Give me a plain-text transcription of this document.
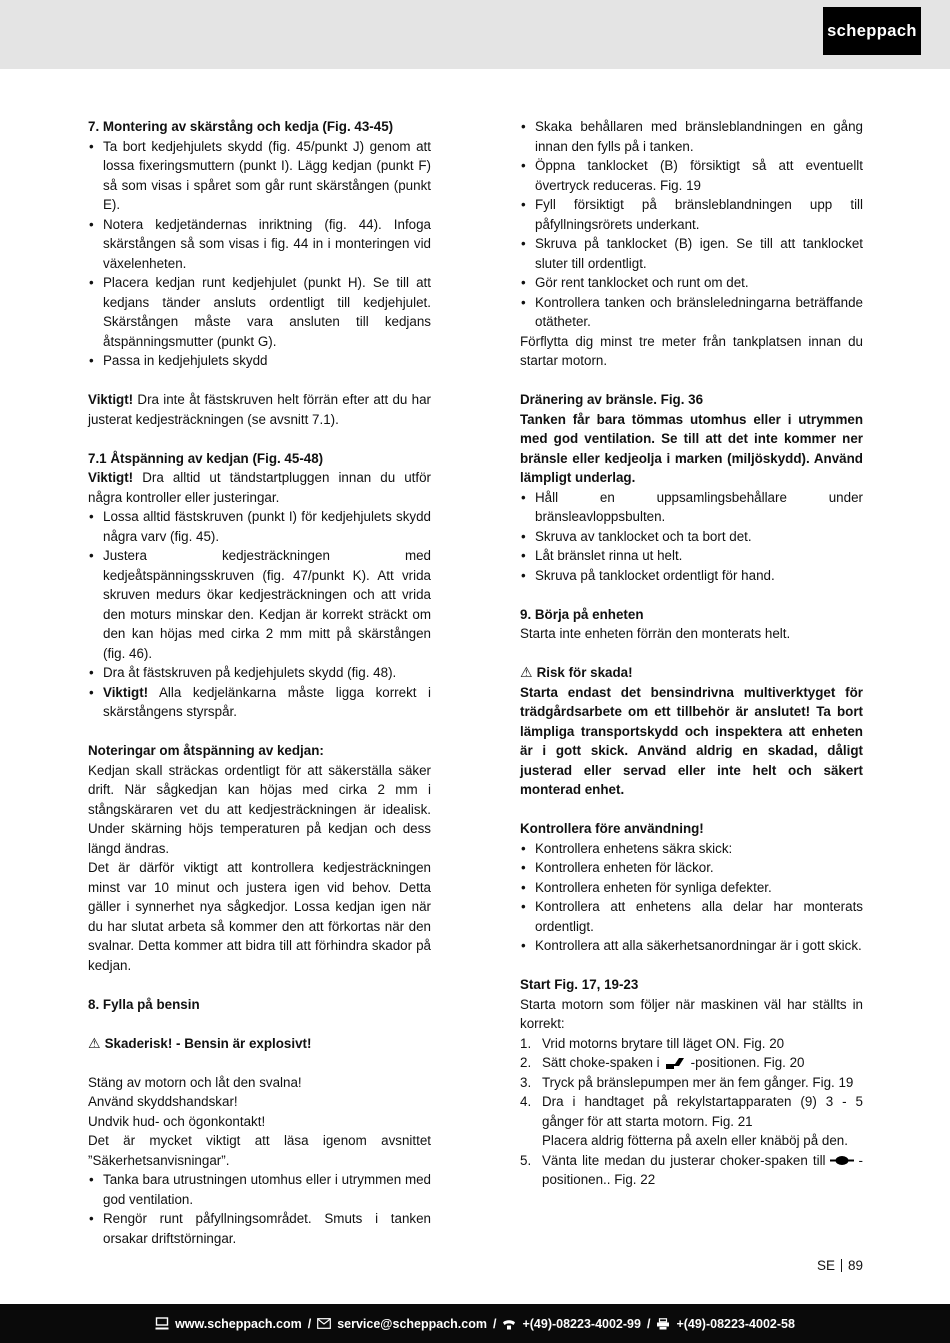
scheppach

7. Montering av skärstång och kedja (Fig. 43-45)

• Ta bort kedjehjulets skydd (fig. 45/punkt J) genom att lossa fixeringsmuttern (punkt I). Lägg kedjan (punkt F) så som visas i spåret som går runt skärstången (punkt E).
• Notera kedjetändernas inriktning (fig. 44). Infoga skärstången så som visas i fig. 44 in i monteringen vid växelenheten.
• Placera kedjan runt kedjehjulet (punkt H). Se till att kedjans tänder ansluts ordentligt till kedjehjulet. Skärstången måste vara ansluten till kedjans åtspänningsmutter (punkt G).
• Passa in kedjehjulets skydd

Viktigt! Dra inte åt fästskruven helt förrän efter att du har justerat kedjesträckningen (se avsnitt 7.1).

7.1 Åtspänning av kedjan (Fig. 45-48)

Viktigt! Dra alltid ut tändstartpluggen innan du utför några kontroller eller justeringar.

• Lossa alltid fästskruven (punkt I) för kedjehjulets skydd några varv (fig. 45).
• Justera kedjesträckningen med kedjeåtspänningsskruven (fig. 47/punkt K). Att vrida skruven medurs ökar kedjesträckningen och att vrida den moturs minskar den. Kedjan är korrekt sträckt om den kan höjas med cirka 2 mm mitt på skärstången (fig. 46).
• Dra åt fästskruven på kedjehjulets skydd (fig. 48).
• Viktigt! Alla kedjelänkarna måste ligga korrekt i skärstångens styrspår.

Noteringar om åtspänning av kedjan:

Kedjan skall sträckas ordentligt för att säkerställa säker drift. När sågkedjan kan höjas med cirka 2 mm i stångskäraren vet du att kedjesträckningen är idealisk. Under skärning höjs temperaturen på kedjan och dess längd ändras.

Det är därför viktigt att kontrollera kedjesträckningen minst var 10 minut och justera igen vid behov. Detta gäller i synnerhet nya sågkedjor. Lossa kedjan igen när du har slutat arbeta så kommer den att förkortas när den svalnar. Detta kommer att bidra till att förhindra skador på kedjan.

8. Fylla på bensin

⚠ Skaderisk! - Bensin är explosivt!

Stäng av motorn och låt den svalna!

Använd skyddshandskar!

Undvik hud- och ögonkontakt!

Det är mycket viktigt att läsa igenom avsnittet ”Säkerhetsanvisningar”.

• Tanka bara utrustningen utomhus eller i utrymmen med god ventilation.
• Rengör runt påfyllningsområdet. Smuts i tanken orsakar driftstörningar.
• Skaka behållaren med bränsleblandningen en gång innan den fylls på i tanken.
• Öppna tanklocket (B) försiktigt så att eventuellt övertryck reduceras. Fig. 19
• Fyll försiktigt på bränsleblandningen upp till påfyllningsrörets underkant.
• Skruva på tanklocket (B) igen. Se till att tanklocket sluter till ordentligt.
• Gör rent tanklocket och runt om det.
• Kontrollera tanken och bränsleledningarna beträffande otätheter.

Förflytta dig minst tre meter från tankplatsen innan du startar motorn.

Dränering av bränsle. Fig. 36

Tanken får bara tömmas utomhus eller i utrymmen med god ventilation. Se till att det inte kommer ner bränsle eller kedjeolja i marken (miljöskydd). Använd lämpligt underlag.

• Håll en uppsamlingsbehållare under bränsleavloppsbulten.
• Skruva av tanklocket och ta bort det.
• Låt bränslet rinna ut helt.
• Skruva på tanklocket ordentligt för hand.

9. Börja på enheten

Starta inte enheten förrän den monterats helt.

⚠ Risk för skada!

Starta endast det bensindrivna multiverktyget för trädgårdsarbete om ett tillbehör är anslutet! Ta bort lämpliga transportskydd och inspektera att enheten är i gott skick. Använd aldrig en skadad, dåligt justerad eller servad eller inte helt och säkert monterad enhet.

Kontrollera före användning!

• Kontrollera enhetens säkra skick:
• Kontrollera enheten för läckor.
• Kontrollera enheten för synliga defekter.
• Kontrollera att enhetens alla delar har monterats ordentligt.
• Kontrollera att alla säkerhetsanordningar är i gott skick.

Start Fig. 17, 19-23

Starta motorn som följer när maskinen väl har ställts in korrekt:

1. Vrid motorns brytare till läget ON. Fig. 20
2. Sätt choke-spaken i -positionen. Fig. 20
3. Tryck på bränslepumpen mer än fem gånger. Fig. 19
4. Dra i handtaget på rekylstartapparaten (9) 3 - 5 gånger för att starta motorn. Fig. 21
Placera aldrig fötterna på axeln eller knäböj på den.
5. Vänta lite medan du justerar choker-spaken till -positionen.. Fig. 22
SE 89
www.scheppach.com / service@scheppach.com / +(49)-08223-4002-99 / +(49)-08223-4002-58
